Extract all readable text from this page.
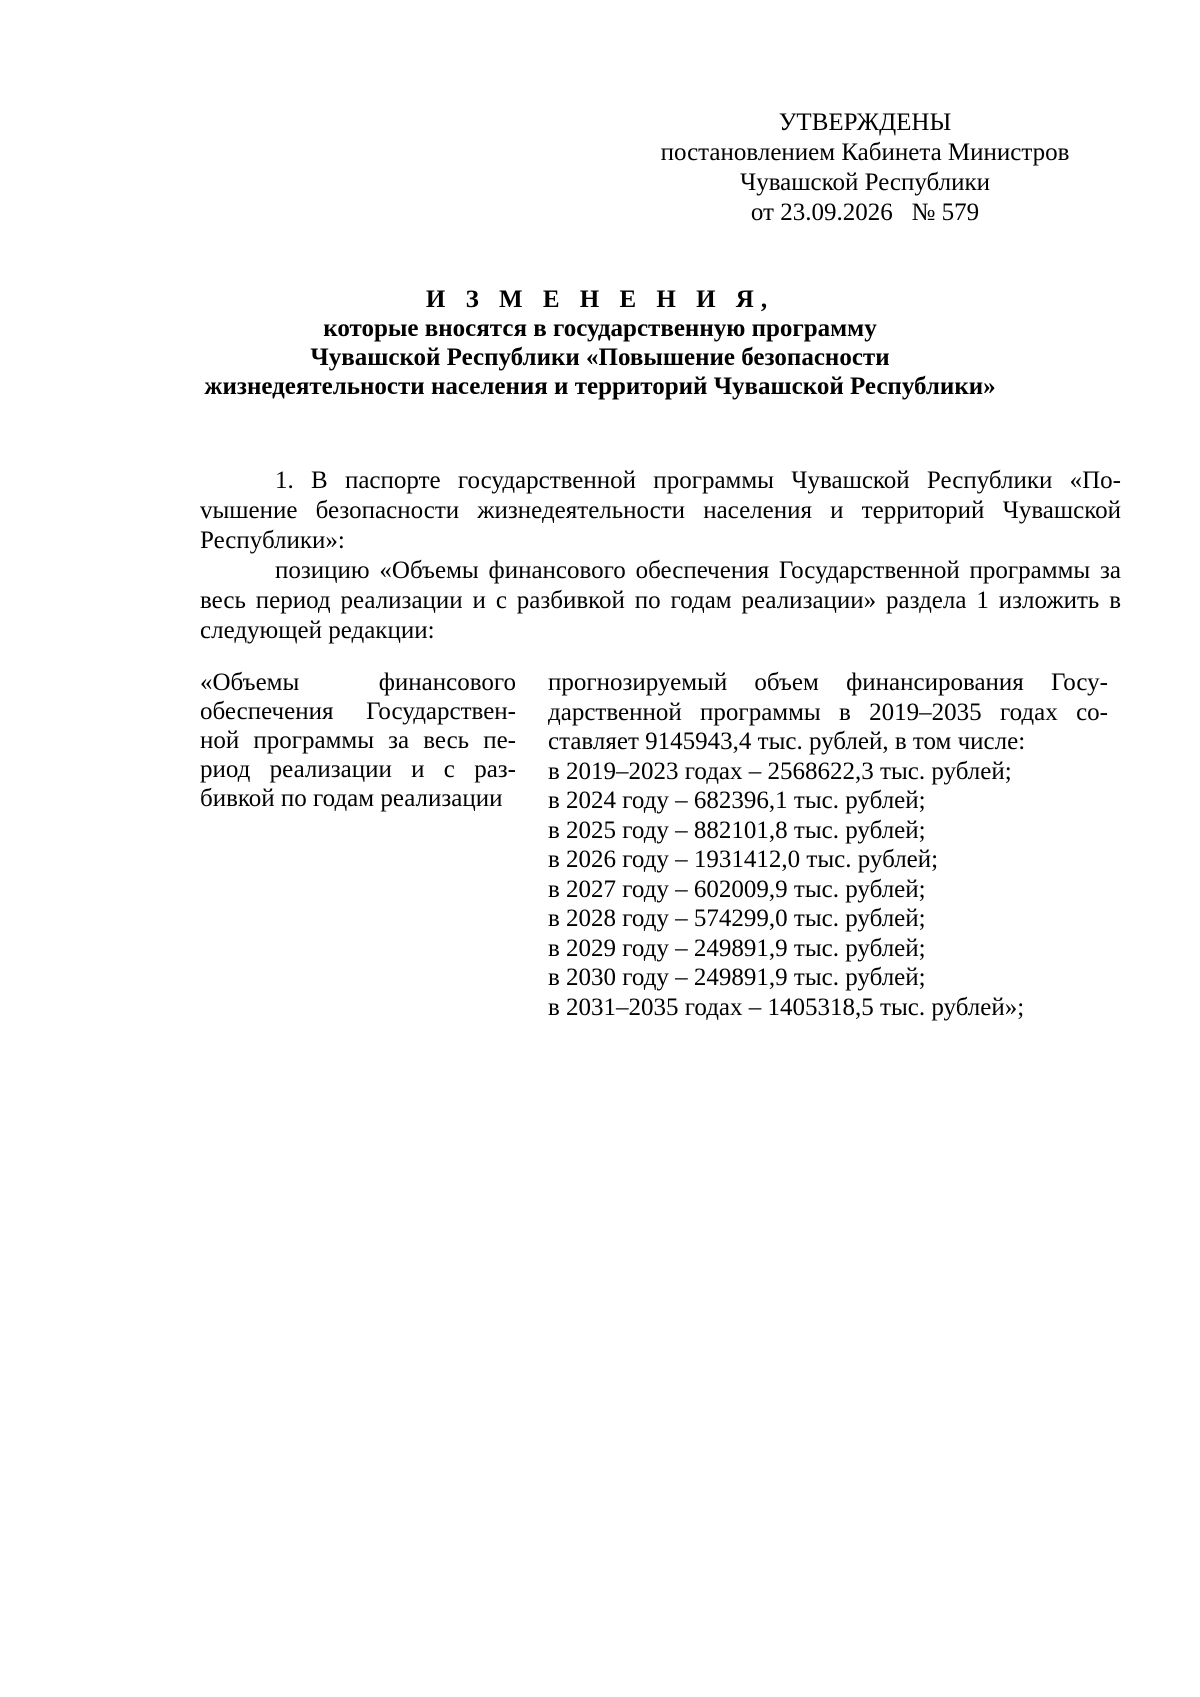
УТВЕРЖДЕНЫ
постановлением Кабинета Министров
Чувашской Республики
от 23.09.2026   № 579
И З М Е Н Е Н И Я,
которые вносятся в государственную программу
Чувашской Республики «Повышение безопасности
жизнедеятельности населения и территорий Чувашской Республики»
1. В паспорте государственной программы Чувашской Республики «Поvышение безопасности жизнедеятельности населения и территорий Чувашской Республики»:
позицию «Объемы финансового обеспечения Государственной программы за весь период реализации и с разбивкой по годам реализации» раздела 1 изложить в следующей редакции:
«Объемы финансового обеспечения Государственной программы за весь период реализации и с разбивкой по годам реализации
прогнозируемый объем финансирования Государственной программы в 2019–2035 годах составляет 9145943,4 тыс. рублей, в том числе:
в 2019–2023 годах – 2568622,3 тыс. рублей;
в 2024 году – 682396,1 тыс. рублей;
в 2025 году – 882101,8 тыс. рублей;
в 2026 году – 1931412,0 тыс. рублей;
в 2027 году – 602009,9 тыс. рублей;
в 2028 году – 574299,0 тыс. рублей;
в 2029 году – 249891,9 тыс. рублей;
в 2030 году – 249891,9 тыс. рублей;
в 2031–2035 годах – 1405318,5 тыс. рублей»;
